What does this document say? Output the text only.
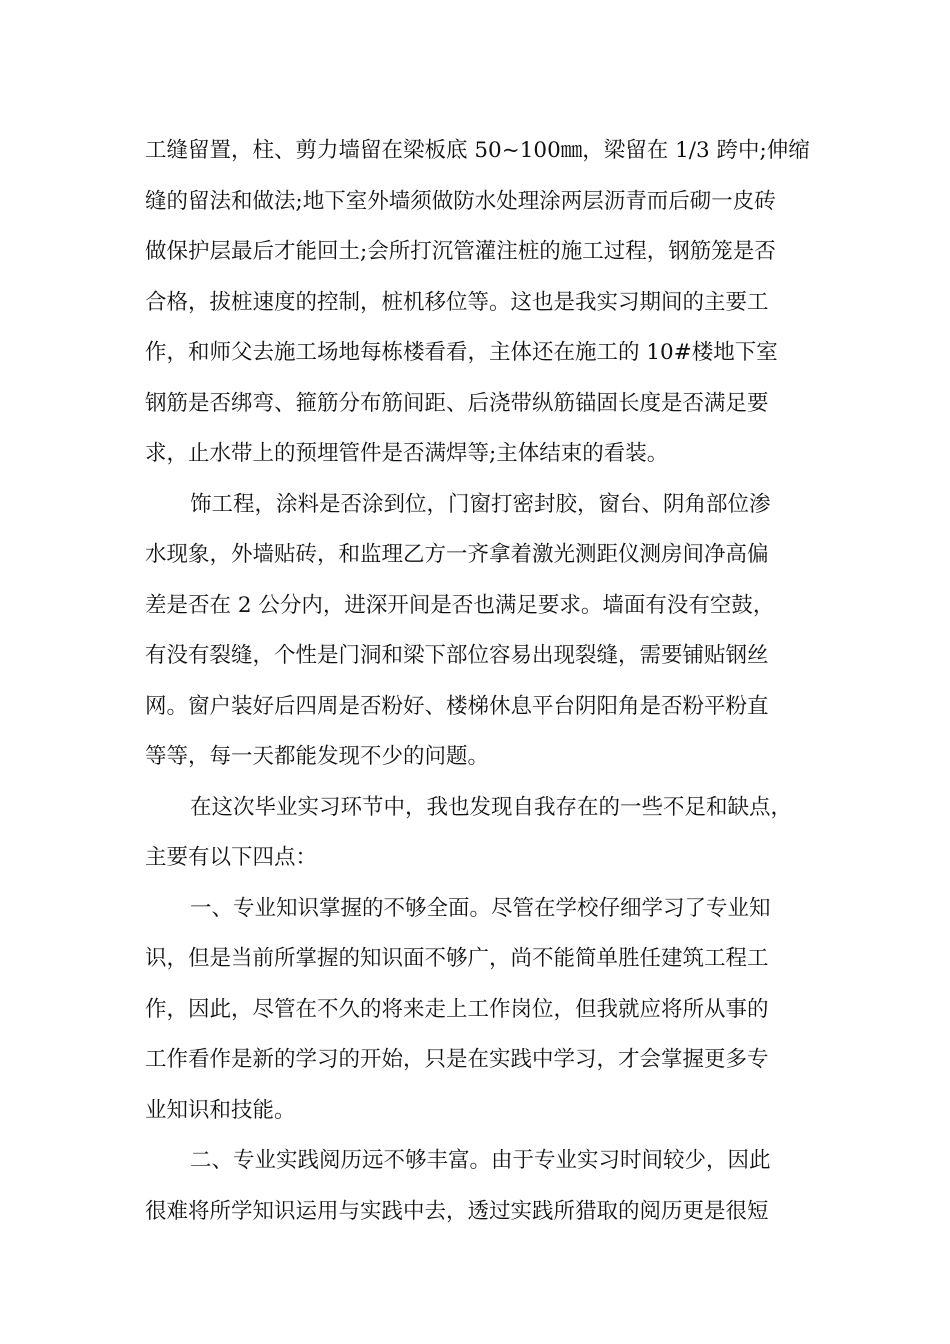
工缝留置，柱、剪力墙留在梁板底 50~100㎜，梁留在 1/3 跨中;伸缩
缝的留法和做法;地下室外墙须做防水处理涂两层沥青而后砌一皮砖
做保护层最后才能回土;会所打沉管灌注桩的施工过程，钢筋笼是否
合格，拔桩速度的控制，桩机移位等。这也是我实习期间的主要工
作，和师父去施工场地每栋楼看看，主体还在施工的 10#楼地下室
钢筋是否绑弯、箍筋分布筋间距、后浇带纵筋锚固长度是否满足要
求，止水带上的预埋管件是否满焊等;主体结束的看装。
饰工程，涂料是否涂到位，门窗打密封胶，窗台、阴角部位渗
水现象，外墙贴砖，和监理乙方一齐拿着激光测距仪测房间净高偏
差是否在 2 公分内，进深开间是否也满足要求。墙面有没有空鼓，
有没有裂缝，个性是门洞和梁下部位容易出现裂缝，需要铺贴钢丝
网。窗户装好后四周是否粉好、楼梯休息平台阴阳角是否粉平粉直
等等，每一天都能发现不少的问题。
在这次毕业实习环节中，我也发现自我存在的一些不足和缺点，
主要有以下四点：
一、专业知识掌握的不够全面。尽管在学校仔细学习了专业知
识，但是当前所掌握的知识面不够广，尚不能简单胜任建筑工程工
作，因此，尽管在不久的将来走上工作岗位，但我就应将所从事的
工作看作是新的学习的开始，只是在实践中学习，才会掌握更多专
业知识和技能。
二、专业实践阅历远不够丰富。由于专业实习时间较少，因此
很难将所学知识运用与实践中去，透过实践所猎取的阅历更是很短
